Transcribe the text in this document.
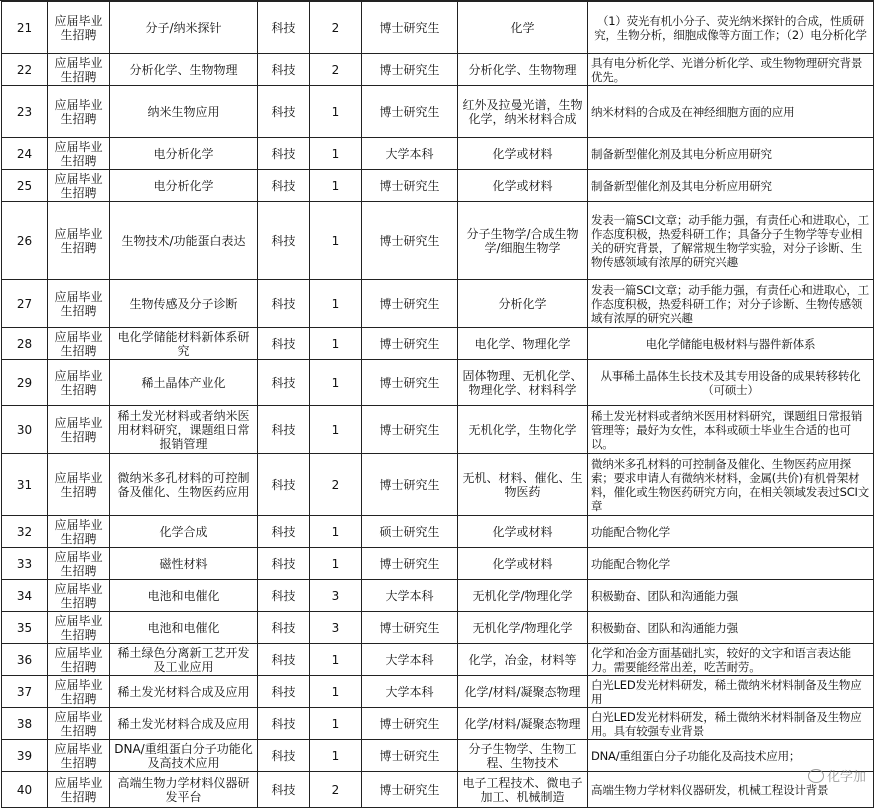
21	应届毕业生招聘	分子/纳米探针	科技	2	博士研究生	化学	（1）荧光有机小分子、荧光纳米探针的合成，性质研究，生物分析，细胞成像等方面工作；（2）电分析化学
22	应届毕业生招聘	分析化学、生物物理	科技	2	博士研究生	分析化学、生物物理	具有电分析化学、光谱分析化学、或生物物理研究背景优先。
23	应届毕业生招聘	纳米生物应用	科技	1	博士研究生	红外及拉曼光谱，生物化学，纳米材料合成	纳米材料的合成及在神经细胞方面的应用
24	应届毕业生招聘	电分析化学	科技	1	大学本科	化学或材料	制备新型催化剂及其电分析应用研究
25	应届毕业生招聘	电分析化学	科技	1	博士研究生	化学或材料	制备新型催化剂及其电分析应用研究
26	应届毕业生招聘	生物技术/功能蛋白表达	科技	1	博士研究生	分子生物学/合成生物学/细胞生物学	发表一篇SCI文章；动手能力强，有责任心和进取心，工作态度积极，热爱科研工作；具备分子生物学等专业相关的研究背景，了解常规生物学实验，对分子诊断、生物传感领域有浓厚的研究兴趣
27	应届毕业生招聘	生物传感及分子诊断	科技	1	博士研究生	分析化学	发表一篇SCI文章；动手能力强，有责任心和进取心，工作态度积极，热爱科研工作；对分子诊断、生物传感领域有浓厚的研究兴趣
28	应届毕业生招聘	电化学储能材料新体系研究	科技	1	博士研究生	电化学、物理化学	电化学储能电极材料与器件新体系
29	应届毕业生招聘	稀土晶体产业化	科技	1	博士研究生	固体物理、无机化学、物理化学、材料科学	从事稀土晶体生长技术及其专用设备的成果转移转化（可硕士）
30	应届毕业生招聘	稀土发光材料或者纳米医用材料研究，课题组日常报销管理	科技	1	博士研究生	无机化学，生物化学	稀土发光材料或者纳米医用材料研究，课题组日常报销管理等；最好为女性，本科或硕士毕业生合适的也可以。
31	应届毕业生招聘	微纳米多孔材料的可控制备及催化、生物医药应用	科技	2	博士研究生	无机、材料、催化、生物医药	微纳米多孔材料的可控制备及催化、生物医药应用探索；要求申请人有微纳米材料，金属(共价)有机骨架材料，催化或生物医药研究方向，在相关领域发表过SCI文章
32	应届毕业生招聘	化学合成	科技	1	硕士研究生	化学或材料	功能配合物化学
33	应届毕业生招聘	磁性材料	科技	1	博士研究生	化学或材料	功能配合物化学
34	应届毕业生招聘	电池和电催化	科技	3	大学本科	无机化学/物理化学	积极勤奋、团队和沟通能力强
35	应届毕业生招聘	电池和电催化	科技	3	博士研究生	无机化学/物理化学	积极勤奋、团队和沟通能力强
36	应届毕业生招聘	稀土绿色分离新工艺开发及工业应用	科技	1	大学本科	化学，冶金，材料等	化学和冶金方面基础扎实，较好的文字和语言表达能力。需要能经常出差，吃苦耐劳。
37	应届毕业生招聘	稀土发光材料合成及应用	科技	1	大学本科	化学/材料/凝聚态物理	白光LED发光材料研发，稀土微纳米材料制备及生物应用
38	应届毕业生招聘	稀土发光材料合成及应用	科技	1	博士研究生	化学/材料/凝聚态物理	白光LED发光材料研发，稀土微纳米材料制备及生物应用。具有较强专业背景
39	应届毕业生招聘	DNA/重组蛋白分子功能化及高技术应用	科技	1	博士研究生	分子生物学、生物工程、生物技术	DNA/重组蛋白分子功能化及高技术应用；
40	应届毕业生招聘	高端生物力学材料仪器研发平台	科技	2	博士研究生	电子工程技术、微电子加工、机械制造	高端生物力学材料仪器研发，机械工程设计背景
化学加
